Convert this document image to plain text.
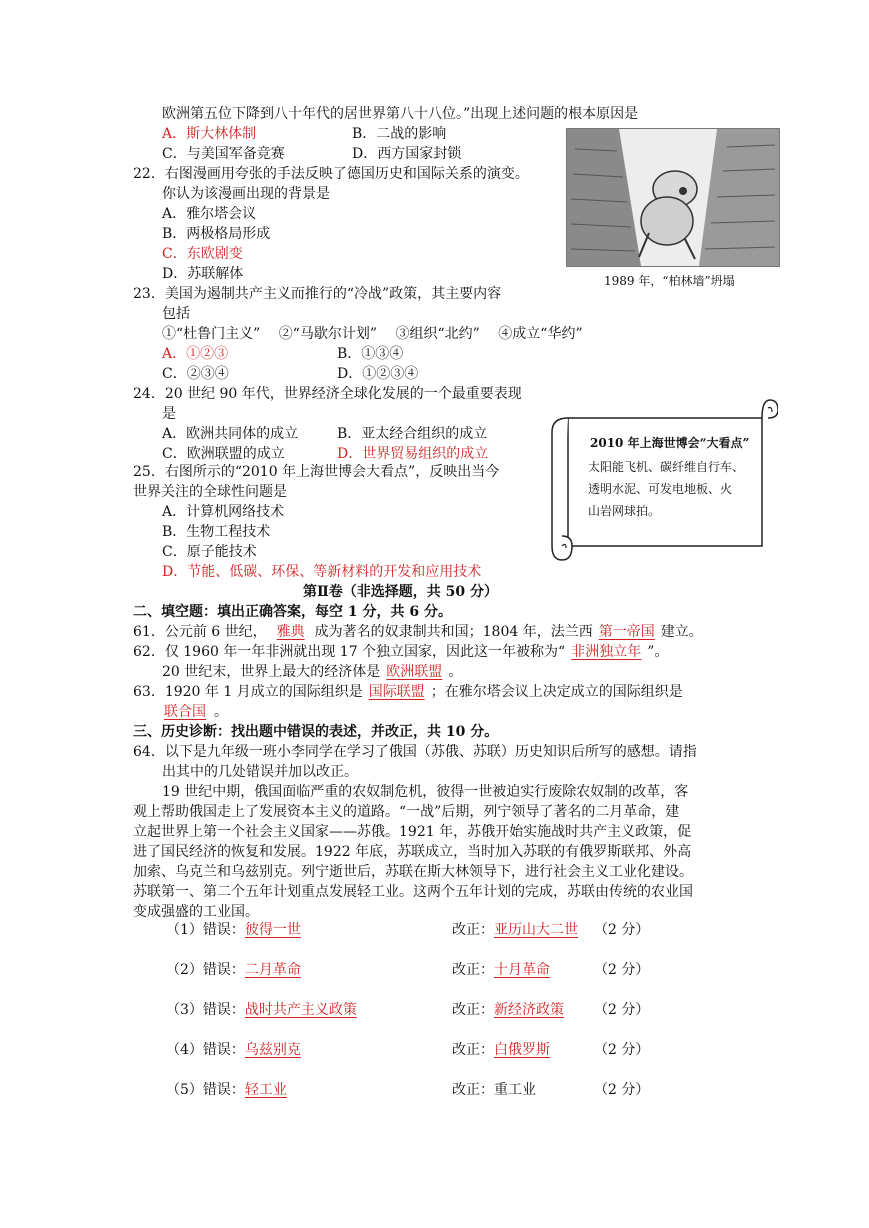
欧洲第五位下降到八十年代的居世界第八十八位。”出现上述问题的根本原因是
A．斯大林体制	B．二战的影响
C．与美国军备竞赛	D．西方国家封锁
1989 年，“柏林墙”坍塌
22．右图漫画用夸张的手法反映了德国历史和国际关系的演变。
你认为该漫画出现的背景是
A．雅尔塔会议
B．两极格局形成
C．东欧剧变
D．苏联解体
23．美国为遏制共产主义而推行的“冷战”政策，其主要内容
包括
①“杜鲁门主义”　 ②“马歇尔计划”　 ③组织“北约”　 ④成立“华约”
A．①②③	B．①③④
C．②③④	D．①②③④
24．20 世纪 90 年代，世界经济全球化发展的一个最重要表现
是
A．欧洲共同体的成立	B．亚太经合组织的成立
C．欧洲联盟的成立	D．世界贸易组织的成立
2010 年上海世博会“大看点”
太阳能飞机、碳纤维自行车、
透明水泥、可发电地板、火
山岩网球拍。
25．右图所示的“2010 年上海世博会大看点”，反映出当今
世界关注的全球性问题是
A．计算机网络技术
B．生物工程技术
C．原子能技术
D．节能、低碳、环保、等新材料的开发和应用技术
第Ⅱ卷（非选择题，共 50 分）
二、填空题：填出正确答案，每空 1 分，共 6 分。
61．公元前 6 世纪， 雅典 成为著名的奴隶制共和国；1804 年，法兰西 第一帝国 建立。
62．仅 1960 年一年非洲就出现 17 个独立国家，因此这一年被称为“ 非洲独立年 ”。
20 世纪末，世界上最大的经济体是 欧洲联盟 。
63．1920 年 1 月成立的国际组织是 国际联盟 ；在雅尔塔会议上决定成立的国际组织是
联合国 。
三、历史诊断：找出题中错误的表述，并改正，共 10 分。
64．以下是九年级一班小李同学在学习了俄国（苏俄、苏联）历史知识后所写的感想。请指
出其中的几处错误并加以改正。
19 世纪中期，俄国面临严重的农奴制危机，彼得一世被迫实行废除农奴制的改革，客
观上帮助俄国走上了发展资本主义的道路。“一战”后期，列宁领导了著名的二月革命，建
立起世界上第一个社会主义国家——苏俄。1921 年，苏俄开始实施战时共产主义政策，促
进了国民经济的恢复和发展。1922 年底，苏联成立，当时加入苏联的有俄罗斯联邦、外高
加索、乌克兰和乌兹别克。列宁逝世后，苏联在斯大林领导下，进行社会主义工业化建设。
苏联第一、第二个五年计划重点发展轻工业。这两个五年计划的完成，苏联由传统的农业国
变成强盛的工业国。
（1）错误：彼得一世	改正：亚历山大二世 （2 分）
（2）错误：二月革命	改正：十月革命	（2 分）
（3）错误：战时共产主义政策	改正：新经济政策 （2 分）
（4）错误：乌兹别克	改正：白俄罗斯	（2 分）
（5）错误：轻工业	改正：重工业	（2 分）
